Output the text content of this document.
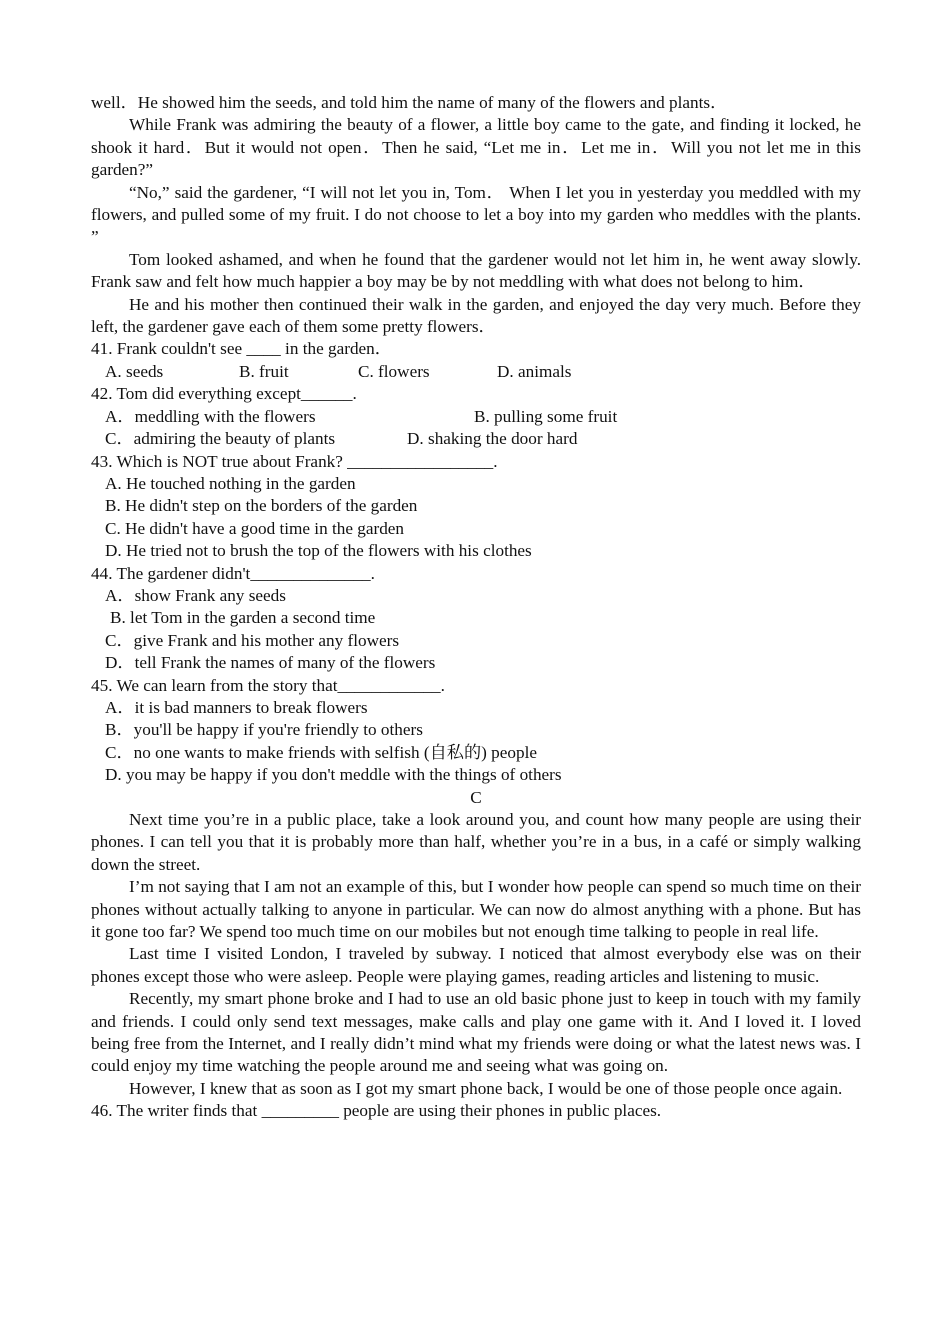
well．He showed him the seeds, and told him the name of many of the flowers and plants．

While Frank was admiring the beauty of a flower, a little boy came to the gate, and finding it locked, he shook it hard．But it would not open．Then he said, “Let me in．Let me in．Will you not let me in this garden?”

“No,” said the gardener, “I will not let you in, Tom． When I let you in yesterday you meddled with my flowers, and pulled some of my fruit. I do not choose to let a boy into my garden who meddles with the plants. ”

Tom looked ashamed, and when he found that the gardener would not let him in, he went away slowly. Frank saw and felt how much happier a boy may be by not meddling with what does not belong to him．

He and his mother then continued their walk in the garden, and enjoyed the day very much. Before they left, the gardener gave each of them some pretty flowers．

41. Frank couldn't see ____ in the garden．

A. seeds	B. fruit	C. flowers	D. animals

42. Tom did everything except______.

A．meddling with the flowers	B. pulling some fruit
C．admiring the beauty of plants	D. shaking the door hard

43. Which is NOT true about Frank? _________________.

A. He touched nothing in the garden

B. He didn't step on the borders of the garden

C. He didn't have a good time in the garden

D. He tried not to brush the top of the flowers with his clothes

44. The gardener didn't______________.

A．show Frank any seeds

B. let Tom in the garden a second time

C．give Frank and his mother any flowers

D．tell Frank the names of many of the flowers

45. We can learn from the story that____________.

A．it is bad manners to break flowers

B．you'll be happy if you're friendly to others

C．no one wants to make friends with selfish (自私的) people

D. you may be happy if you don't meddle with the things of others

C

Next time you’re in a public place, take a look around you, and count how many people are using their phones. I can tell you that it is probably more than half, whether you’re in a bus, in a café or simply walking down the street.

I’m not saying that I am not an example of this, but I wonder how people can spend so much time on their phones without actually talking to anyone in particular. We can now do almost anything with a phone. But has it gone too far? We spend too much time on our mobiles but not enough time talking to people in real life.

Last time I visited London, I traveled by subway. I noticed that almost everybody else was on their phones except those who were asleep. People were playing games, reading articles and listening to music.

Recently, my smart phone broke and I had to use an old basic phone just to keep in touch with my family and friends. I could only send text messages, make calls and play one game with it. And I loved it. I loved being free from the Internet, and I really didn’t mind what my friends were doing or what the latest news was. I could enjoy my time watching the people around me and seeing what was going on.

However, I knew that as soon as I got my smart phone back, I would be one of those people once again.

46. The writer finds that _________ people are using their phones in public places.
